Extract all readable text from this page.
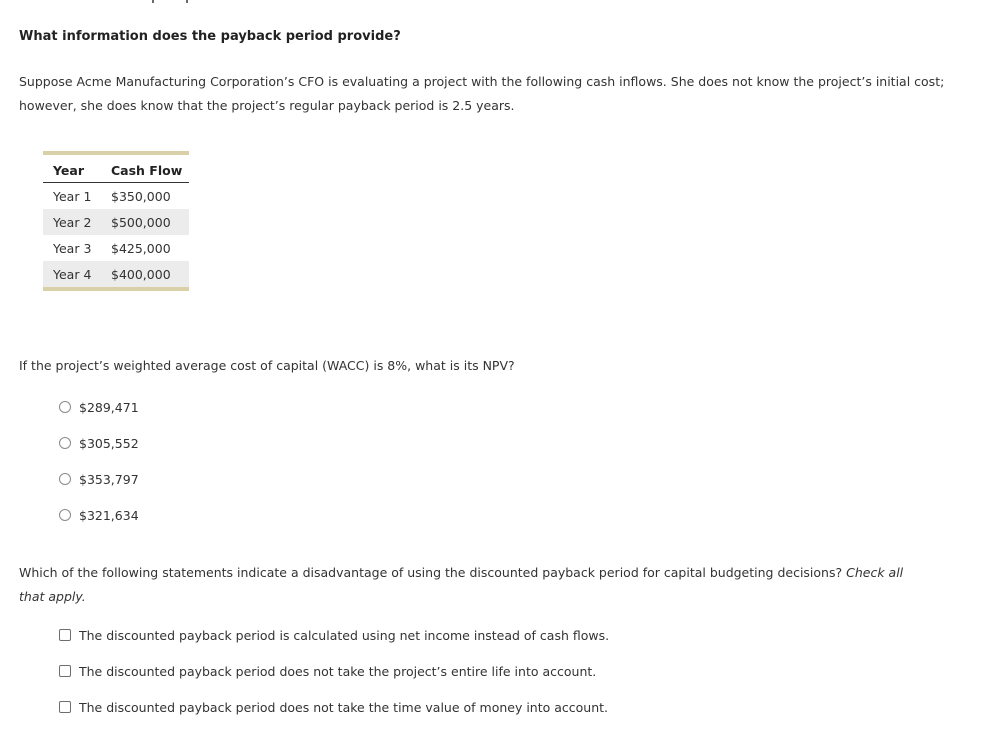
What information does the payback period provide?
Suppose Acme Manufacturing Corporation’s CFO is evaluating a project with the following cash inflows. She does not know the project’s initial cost; however, she does know that the project’s regular payback period is 2.5 years.
Year	Cash Flow
Year 1	$350,000
Year 2	$500,000
Year 3	$425,000
Year 4	$400,000
If the project’s weighted average cost of capital (WACC) is 8%, what is its NPV?
$289,471
$305,552
$353,797
$321,634
Which of the following statements indicate a disadvantage of using the discounted payback period for capital budgeting decisions? Check all that apply.
The discounted payback period is calculated using net income instead of cash flows.
The discounted payback period does not take the project’s entire life into account.
The discounted payback period does not take the time value of money into account.
